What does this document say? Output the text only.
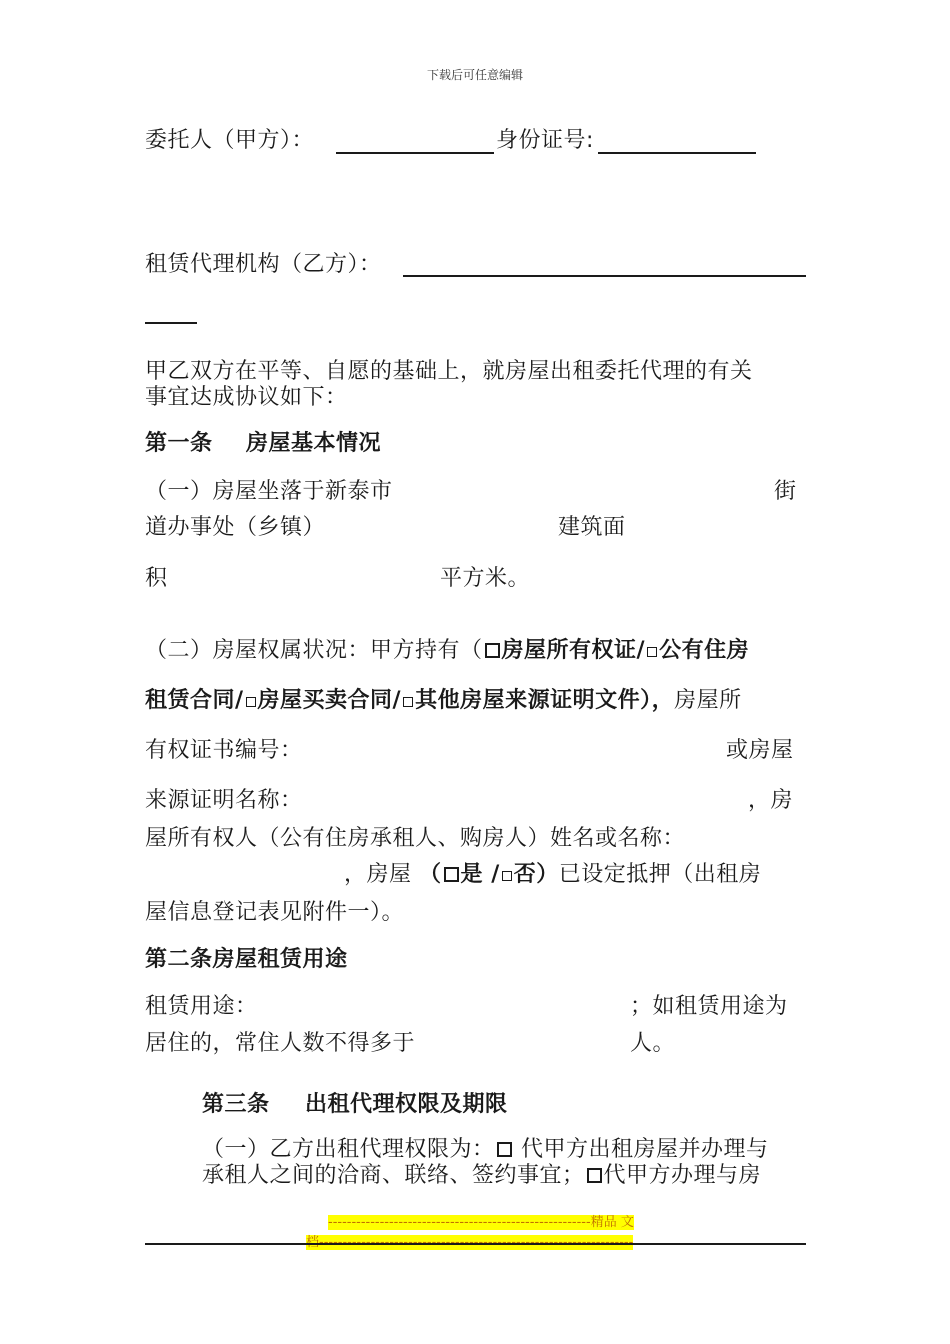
下载后可任意编辑
委托人（甲方）：	身份证号:
租赁代理机构（乙方）：
甲乙双方在平等、自愿的基础上，就房屋出租委托代理的有关
事宜达成协议如下：
第一条 房屋基本情况
（一）房屋坐落于新泰市	街
道办事处（乡镇）	建筑面
积	平方米。
（二）房屋权属状况：甲方持有（ 房屋所有权证/ 公有住房
租赁合同/ 房屋买卖合同/ 其他房屋来源证明文件），房屋所
有权证书编号：	或房屋
来源证明名称：	，房
屋所有权人（公有住房承租人、购房人）姓名或名称：
，房屋 （ 是 / 否）已设定抵押（出租房
屋信息登记表见附件一）。
第二条房屋租赁用途
租赁用途：	；如租赁用途为
居住的，常住人数不得多于	人。
第三条 出租代理权限及期限
（一）乙方出租代理权限为： 代甲方出租房屋并办理与
承租人之间的洽商、联络、签约事宜； 代甲方办理与房
--------------------------------------------------------精品 文
档-------------------------------------------------------------------
